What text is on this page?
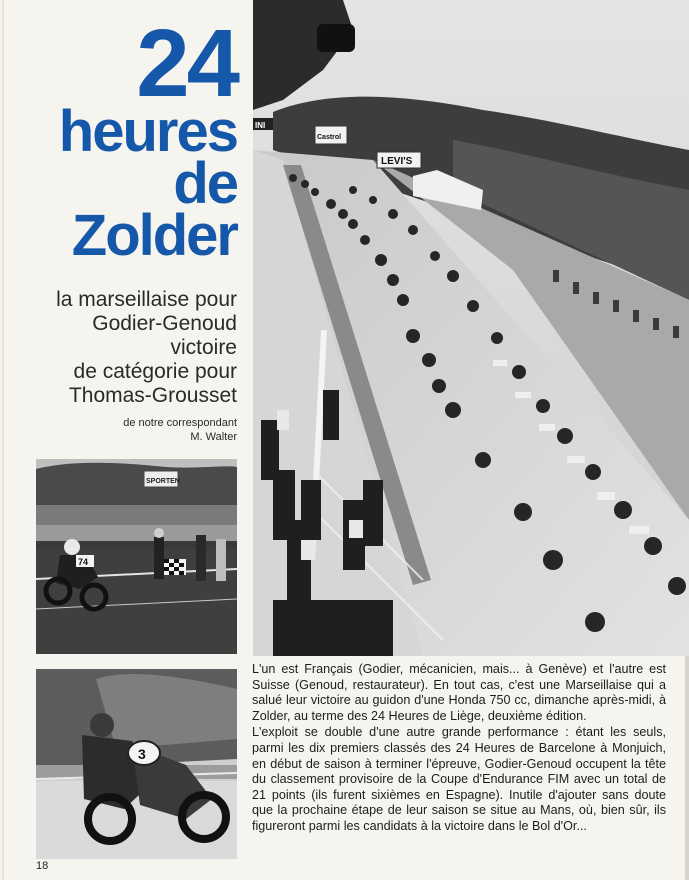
24
heures
de
Zolder
la marseillaise pour
Godier-Genoud
victoire
de catégorie pour
Thomas-Grousset
de notre correspondant
M. Walter
INI
Castrol
LEVI'S
SPORTEN
74
3

L'un est Français (Godier, mécanicien, mais... à Genève) et l'autre est Suisse (Genoud, restaurateur). En tout cas, c'est une Marseillaise qui a salué leur victoire au guidon d'une Honda 750 cc, dimanche après-midi, à Zolder, au terme des 24 Heures de Liège, deuxième édition.

L'exploit se double d'une autre grande performance : étant les seuls, parmi les dix premiers classés des 24 Heures de Barcelone à Monjuich, en début de saison à terminer l'épreuve, Godier-Genoud occupent la tête du classement provisoire de la Coupe d'Endurance FIM avec un total de 21 points (ils furent sixièmes en Espagne). Inutile d'ajouter sans doute que la prochaine étape de leur saison se situe au Mans, où, bien sûr, ils figureront parmi les candidats à la victoire dans le Bol d'Or...

18
